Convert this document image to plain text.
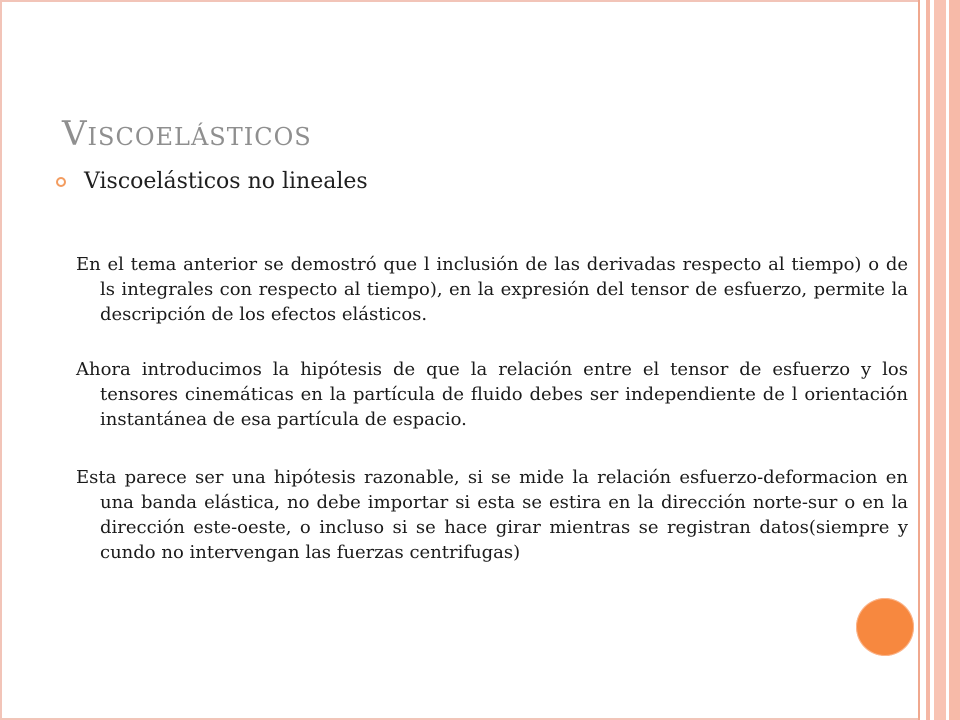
Viscoelásticos
Viscoelásticos no lineales
En el tema anterior se demostró que l inclusión de las derivadas respecto al tiempo) o de ls integrales con respecto al tiempo), en la expresión del tensor de esfuerzo, permite la descripción de los efectos elásticos.
Ahora introducimos la hipótesis de que la relación entre el tensor de esfuerzo y los tensores cinemáticas en la partícula de fluido debes ser independiente de l orientación instantánea de esa partícula de espacio.
Esta parece ser una hipótesis razonable, si se mide la relación esfuerzo-deformacion en una banda elástica, no debe importar si esta se estira en la dirección norte-sur o en la dirección este-oeste, o incluso si se hace girar mientras se registran datos(siempre y cundo no intervengan las fuerzas centrifugas)
